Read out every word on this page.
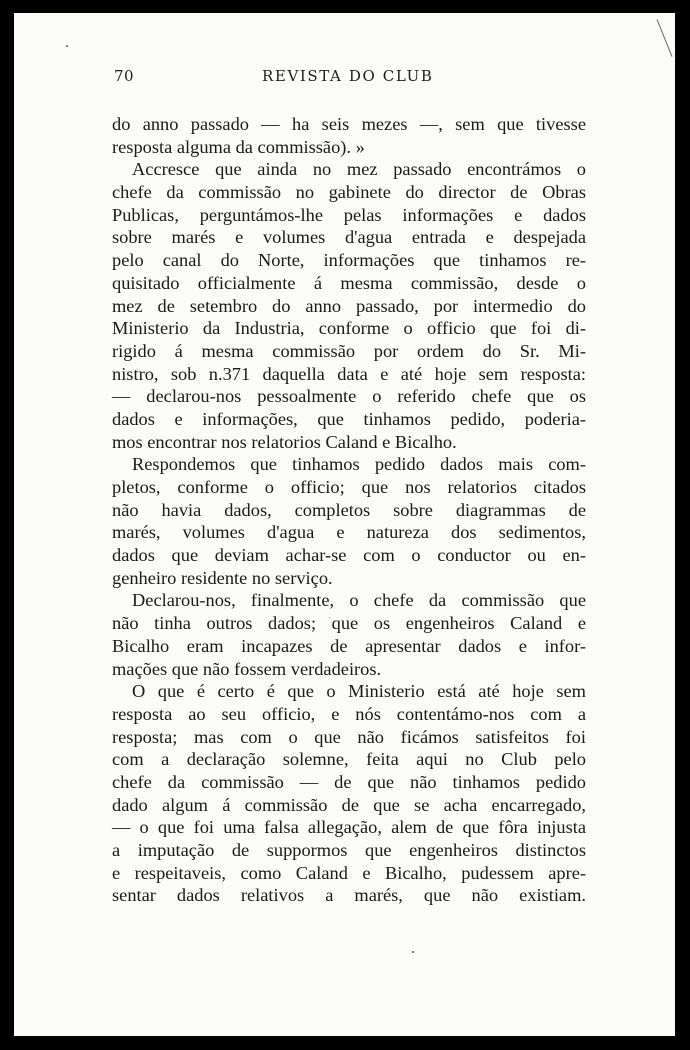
70	REVISTA DO CLUB
do anno passado — ha seis mezes —, sem que tivesse
resposta alguma da commissão). »
Accresce que ainda no mez passado encontrámos o
chefe da commissão no gabinete do director de Obras
Publicas, perguntámos-lhe pelas informações e dados
sobre marés e volumes d'agua entrada e despejada
pelo canal do Norte, informações que tinhamos re-
quisitado officialmente á mesma commissão, desde o
mez de setembro do anno passado, por intermedio do
Ministerio da Industria, conforme o officio que foi di-
rigido á mesma commissão por ordem do Sr. Mi-
nistro, sob n.371 daquella data e até hoje sem resposta:
— declarou-nos pessoalmente o referido chefe que os
dados e informações, que tinhamos pedido, poderia-
mos encontrar nos relatorios Caland e Bicalho.
Respondemos que tinhamos pedido dados mais com-
pletos, conforme o officio; que nos relatorios citados
não havia dados, completos sobre diagrammas de
marés, volumes d'agua e natureza dos sedimentos,
dados que deviam achar-se com o conductor ou en-
genheiro residente no serviço.
Declarou-nos, finalmente, o chefe da commissão que
não tinha outros dados; que os engenheiros Caland e
Bicalho eram incapazes de apresentar dados e infor-
mações que não fossem verdadeiros.
O que é certo é que o Ministerio está até hoje sem
resposta ao seu officio, e nós contentámo-nos com a
resposta; mas com o que não ficámos satisfeitos foi
com a declaração solemne, feita aqui no Club pelo
chefe da commissão — de que não tinhamos pedido
dado algum á commissão de que se acha encarregado,
— o que foi uma falsa allegação, alem de que fôra injusta
a imputação de suppormos que engenheiros distinctos
e respeitaveis, como Caland e Bicalho, pudessem apre-
sentar dados relativos a marés, que não existiam.
